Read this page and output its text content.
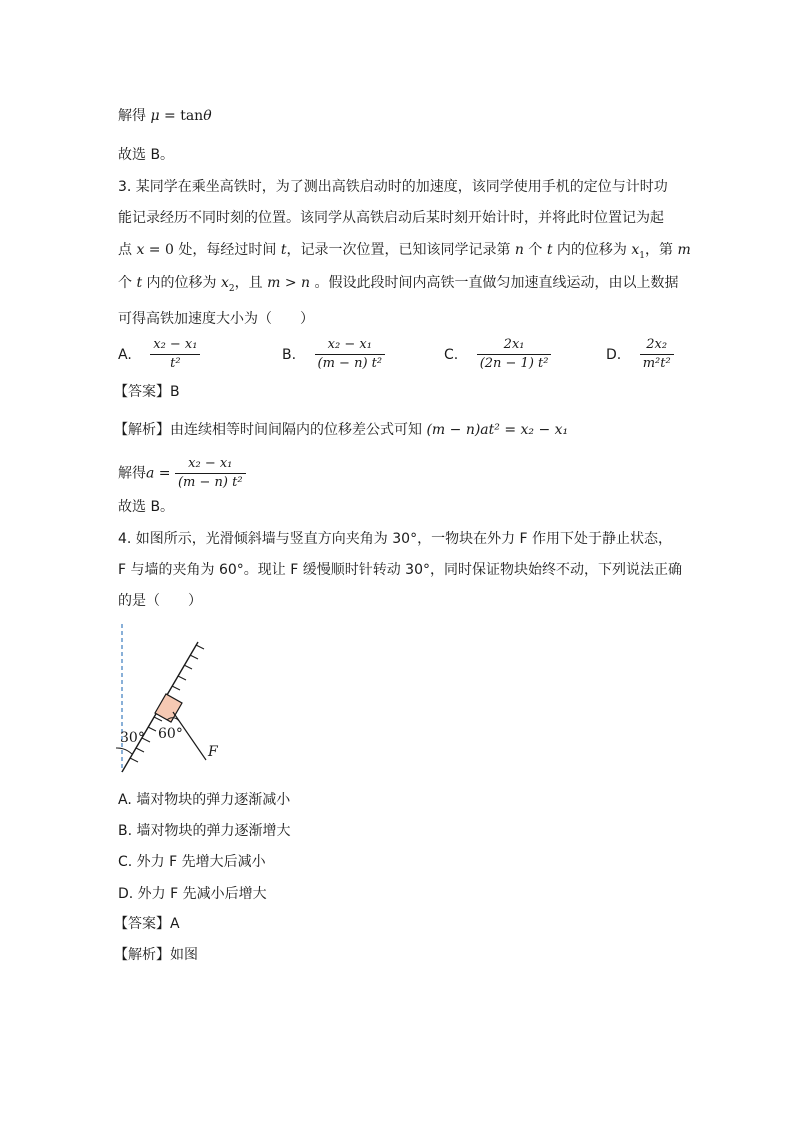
解得 μ = tanθ
故选 B。
3. 某同学在乘坐高铁时，为了测出高铁启动时的加速度，该同学使用手机的定位与计时功
能记录经历不同时刻的位置。该同学从高铁启动后某时刻开始计时，并将此时位置记为起
点 x = 0 处，每经过时间 t，记录一次位置，已知该同学记录第 n 个 t 内的位移为 $x_1$，第 m
个 t 内的位移为 $x_2$，且 m > n 。假设此段时间内高铁一直做匀加速直线运动，由以上数据
可得高铁加速度大小为（　　）
A. $\frac{\text{x₂ − x₁}}{\text{t²}}$	B. $\frac{\text{x₂ − x₁}}{\text{(m − n) t²}}$	C. $\frac{\text{2x₁}}{\text{(2n − 1) t²}}$	D. $\frac{\text{2x₂}}{\text{m²t²}}$
【答案】B
【解析】由连续相等时间间隔内的位移差公式可知 (m − n)at² = x₂ − x₁
解得$a = \frac{\text{x₂ − x₁}}{\text{(m − n) t²}}$
故选 B。
4. 如图所示，光滑倾斜墙与竖直方向夹角为 30°，一物块在外力 F 作用下处于静止状态，
F 与墙的夹角为 60°。现让 F 缓慢顺时针转动 30°，同时保证物块始终不动，下列说法正确
的是（　　）
30° 60°
F
A. 墙对物块的弹力逐渐减小
B. 墙对物块的弹力逐渐增大
C. 外力 F 先增大后减小
D. 外力 F 先减小后增大
【答案】A
【解析】如图
